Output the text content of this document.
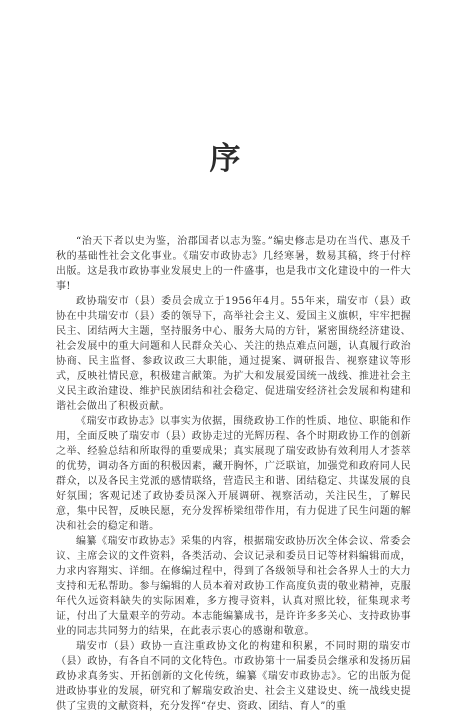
序

“治天下者以史为鉴，治郡国者以志为鉴。”编史修志是功在当代、惠及千秋的基础性社会文化事业。《瑞安市政协志》几经寒暑，数易其稿，终于付梓出版。这是我市政协事业发展史上的一件盛事，也是我市文化建设中的一件大事!

政协瑞安市（县）委员会成立于1956年4月。55年来，瑞安市（县）政协在中共瑞安市（县）委的领导下，高举社会主义、爱国主义旗帜，牢牢把握民主、团结两大主题，坚持服务中心、服务大局的方针，紧密围绕经济建设、社会发展中的重大问题和人民群众关心、关注的热点难点问题，认真履行政治协商、民主监督、参政议政三大职能，通过提案、调研报告、视察建议等形式，反映社情民意，积极建言献策。为扩大和发展爱国统一战线、推进社会主义民主政治建设、维护民族团结和社会稳定、促进瑞安经济社会发展和构建和谐社会做出了积极贡献。

《瑞安市政协志》以事实为依据，围绕政协工作的性质、地位、职能和作用，全面反映了瑞安市（县）政协走过的光辉历程、各个时期政协工作的创新之举、经验总结和所取得的重要成果；真实展现了瑞安政协有效利用人才荟萃的优势，调动各方面的积极因素，藏开胸怀，广泛联谊，加强党和政府同人民群众，以及各民主党派的感情联络，营造民主和谐、团结稳定、共谋发展的良好氛围；客观记述了政协委员深入开展调研、视察活动，关注民生，了解民意，集中民智，反映民愿，充分发挥桥梁纽带作用，有力促进了民生问题的解决和社会的稳定和谐。

编纂《瑞安市政协志》采集的内容，根据瑞安政协历次全体会议、常委会议、主席会议的文件资料，各类活动、会议记录和委员日记等材料编辑而成，力求内容翔实、详细。在修编过程中，得到了各级领导和社会各界人士的大力支持和无私帮助。参与编辑的人员本着对政协工作高度负责的敬业精神，克服年代久远资料缺失的实际困难，多方搜寻资料，认真对照比较，征集现求考证，付出了大量艰辛的劳动。本志能编纂成书，是许许多多关心、支持政协事业的同志共同努力的结果，在此表示衷心的感谢和敬意。

瑞安市（县）政协一直注重政协文化的构建和积累，不同时期的瑞安市（县）政协，有各自不同的文化特色。市政协第十一届委员会继承和发扬历届政协求真务实、开拓创新的文化传统，编纂《瑞安市政协志》。它的出版为促进政协事业的发展，研究和了解瑞安政治史、社会主义建设史、统一战线史提供了宝贵的文献资料，充分发挥“存史、资政、团结、育人”的重
